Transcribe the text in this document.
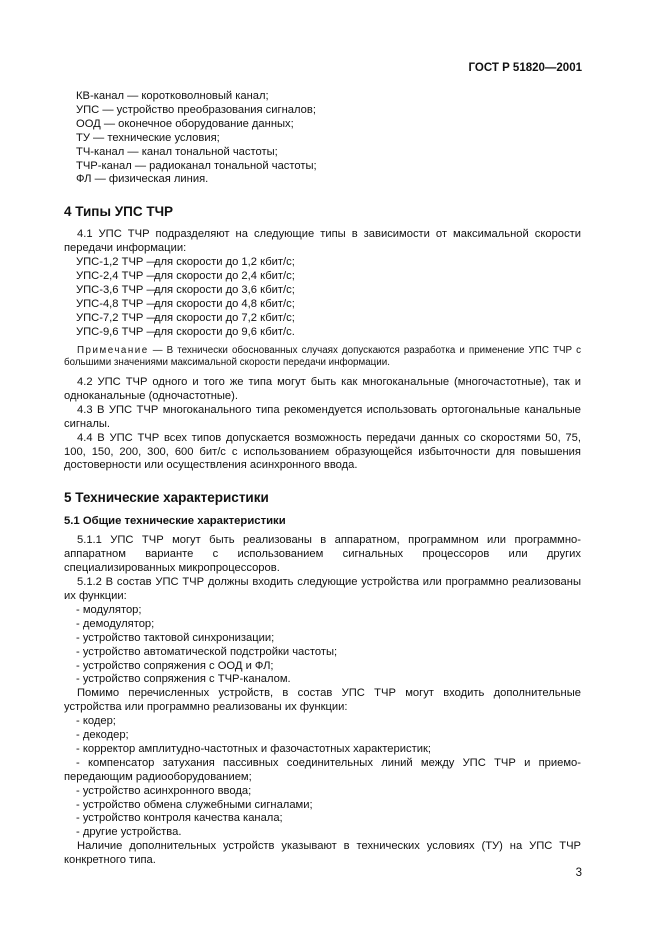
ГОСТ Р 51820—2001

КВ-канал — коротковолновый канал;

УПС — устройство преобразования сигналов;

ООД — оконечное оборудование данных;

ТУ — технические условия;

ТЧ-канал — канал тональной частоты;

ТЧР-канал — радиоканал тональной частоты;

ФЛ — физическая линия.

4 Типы УПС ТЧР

4.1 УПС ТЧР подразделяют на следующие типы в зависимости от максимальной скорости передачи информации:

УПС-1,2 ТЧР —
для скорости до 1,2 кбит/с;
УПС-2,4 ТЧР —
для скорости до 2,4 кбит/с;
УПС-3,6 ТЧР —
для скорости до 3,6 кбит/с;
УПС-4,8 ТЧР —
для скорости до 4,8 кбит/с;
УПС-7,2 ТЧР —
для скорости до 7,2 кбит/с;
УПС-9,6 ТЧР —
для скорости до 9,6 кбит/с.

Примечание — В технически обоснованных случаях допускаются разработка и применение УПС ТЧР с большими значениями максимальной скорости передачи информации.

4.2 УПС ТЧР одного и того же типа могут быть как многоканальные (многочастотные), так и одноканальные (одночастотные).

4.3 В УПС ТЧР многоканального типа рекомендуется использовать ортогональные канальные сигналы.

4.4 В УПС ТЧР всех типов допускается возможность передачи данных со скоростями 50, 75, 100, 150, 200, 300, 600 бит/с с использованием образующейся избыточности для повышения достоверности или осуществления асинхронного ввода.

5 Технические характеристики
5.1 Общие технические характеристики

5.1.1 УПС ТЧР могут быть реализованы в аппаратном, программном или программно-аппаратном варианте с использованием сигнальных процессоров или других специализированных микропроцессоров.

5.1.2 В состав УПС ТЧР должны входить следующие устройства или программно реализованы их функции:

- модулятор;

- демодулятор;

- устройство тактовой синхронизации;

- устройство автоматической подстройки частоты;

- устройство сопряжения с ООД и ФЛ;

- устройство сопряжения с ТЧР-каналом.

Помимо перечисленных устройств, в состав УПС ТЧР могут входить дополнительные устройства или программно реализованы их функции:

- кодер;

- декодер;

- корректор амплитудно-частотных и фазочастотных характеристик;

- компенсатор затухания пассивных соединительных линий между УПС ТЧР и приемо-передающим радиооборудованием;

- устройство асинхронного ввода;

- устройство обмена служебными сигналами;

- устройство контроля качества канала;

- другие устройства.

Наличие дополнительных устройств указывают в технических условиях (ТУ) на УПС ТЧР конкретного типа.

3
